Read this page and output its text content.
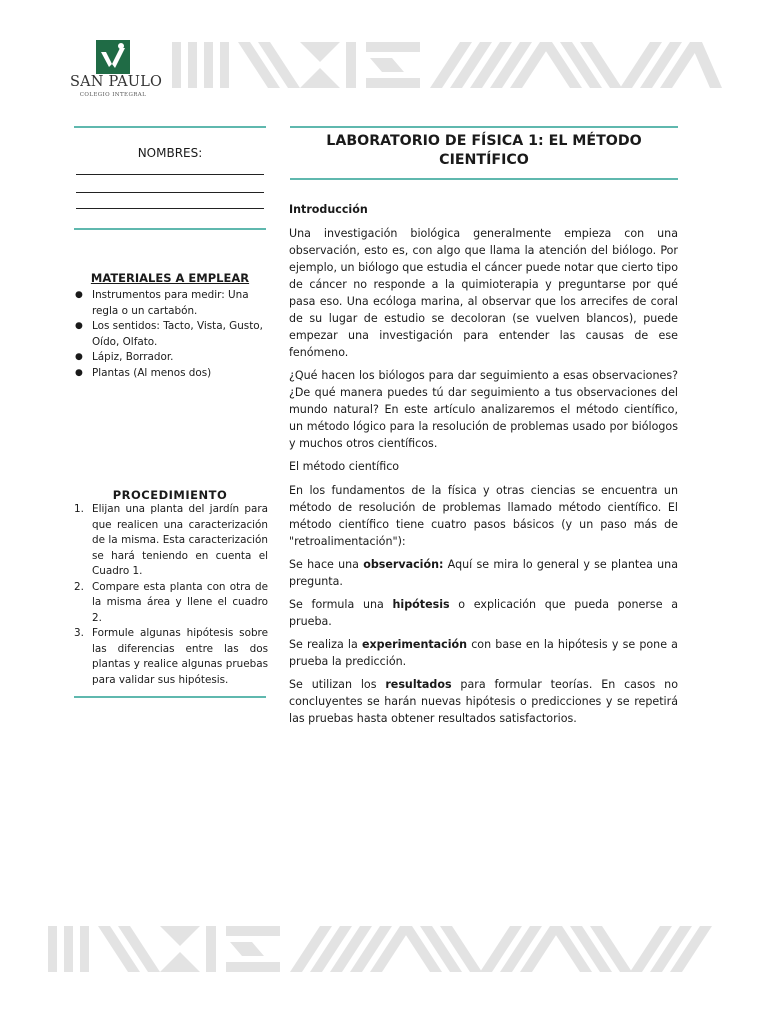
SAN PAULO
COLEGIO INTEGRAL
NOMBRES:
MATERIALES A EMPLEAR
● Instrumentos para medir: Una regla o un cartabón.
● Los sentidos: Tacto, Vista, Gusto,
Oído, Olfato.
● Lápiz, Borrador.
● Plantas (Al menos dos)
PROCEDIMIENTO
1. Elijan una planta del jardín para que realicen una caracterización de la misma. Esta caracterización se hará teniendo en cuenta el Cuadro 1.
2. Compare esta planta con otra de la misma área y llene el cuadro 2.
3. Formule algunas hipótesis sobre las diferencias entre las dos plantas y realice algunas pruebas para validar sus hipótesis.
LABORATORIO DE FÍSICA 1: EL MÉTODO
CIENTÍFICO

Introducción

Una investigación biológica generalmente empieza con una observación, esto es, con algo que llama la atención del biólogo. Por ejemplo, un biólogo que estudia el cáncer puede notar que cierto tipo de cáncer no responde a la quimioterapia y preguntarse por qué pasa eso. Una ecóloga marina, al observar que los arrecifes de coral de su lugar de estudio se decoloran (se vuelven blancos), puede empezar una investigación para entender las causas de ese fenómeno.

¿Qué hacen los biólogos para dar seguimiento a esas observaciones? ¿De qué manera puedes tú dar seguimiento a tus observaciones del mundo natural? En este artículo analizaremos el método científico, un método lógico para la resolución de problemas usado por biólogos y muchos otros científicos.

El método científico

En los fundamentos de la física y otras ciencias se encuentra un método de resolución de problemas llamado método científico. El método científico tiene cuatro pasos básicos (y un paso más de "retroalimentación"):

Se hace una observación: Aquí se mira lo general y se plantea una pregunta.

Se formula una hipótesis o explicación que pueda ponerse a prueba.

Se realiza la experimentación con base en la hipótesis y se pone a prueba la predicción.

Se utilizan los resultados para formular teorías. En casos no concluyentes se harán nuevas hipótesis o predicciones y se repetirá las pruebas hasta obtener resultados satisfactorios.
